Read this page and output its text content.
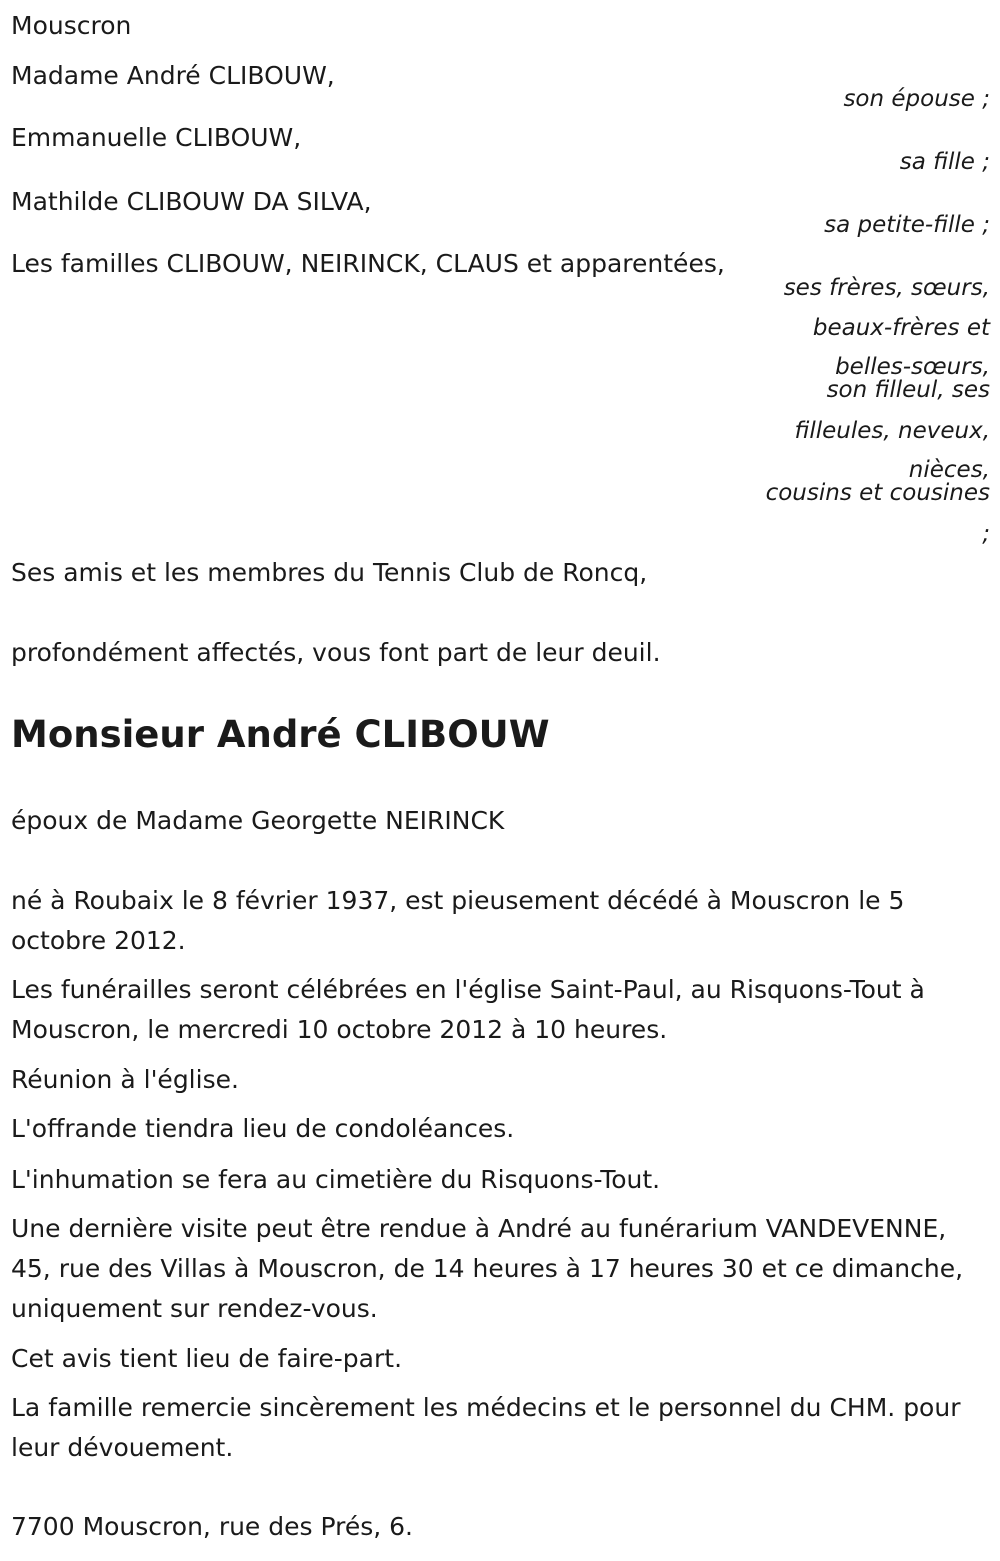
Mouscron

Madame André CLIBOUW,

son épouse ;

Emmanuelle CLIBOUW,

sa fille ;

Mathilde CLIBOUW DA SILVA,

sa petite-fille ;

Les familles CLIBOUW, NEIRINCK, CLAUS et apparentées,

ses frères, sœurs,

beaux-frères et

belles-sœurs,

son filleul, ses

filleules, neveux,

nièces,

cousins et cousines

;

Ses amis et les membres du Tennis Club de Roncq,

profondément affectés, vous font part de leur deuil.

Monsieur André CLIBOUW

époux de Madame Georgette NEIRINCK

né à Roubaix le 8 février 1937, est pieusement décédé à Mouscron le 5 octobre 2012.

Les funérailles seront célébrées en l'église Saint-Paul, au Risquons-Tout à Mouscron, le mercredi 10 octobre 2012 à 10 heures.

Réunion à l'église.

L'offrande tiendra lieu de condoléances.

L'inhumation se fera au cimetière du Risquons-Tout.

Une dernière visite peut être rendue à André au funérarium VANDEVENNE, 45, rue des Villas à Mouscron, de 14 heures à 17 heures 30 et ce dimanche, uniquement sur rendez-vous.

Cet avis tient lieu de faire-part.

La famille remercie sincèrement les médecins et le personnel du CHM. pour leur dévouement.

7700 Mouscron, rue des Prés, 6.
